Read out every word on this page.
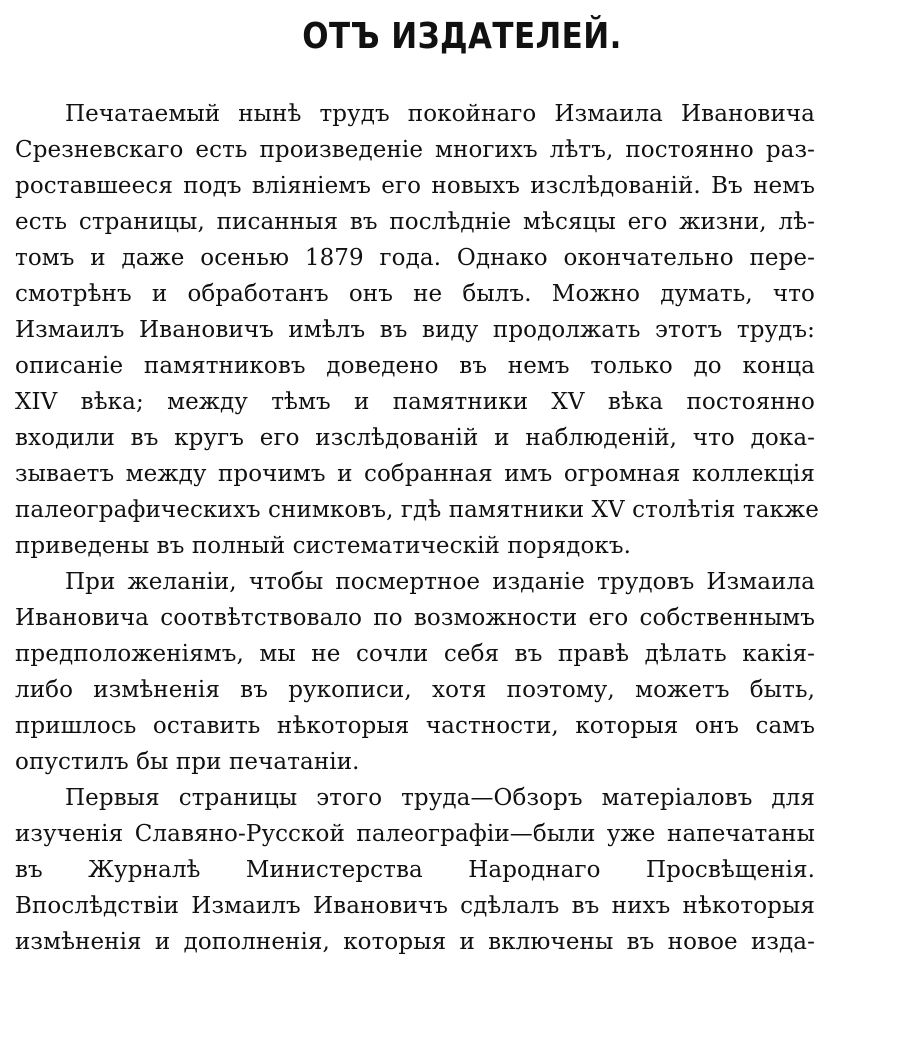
ОТЪ ИЗДАТЕЛЕЙ.
Печатаемый нынѣ трудъ покойнаго Измаила Ивановича
Срезневскаго есть произведеніе многихъ лѣтъ, постоянно раз-
роставшееся подъ вліяніемъ его новыхъ изслѣдованій. Въ немъ
есть страницы, писанныя въ послѣдніе мѣсяцы его жизни, лѣ-
томъ и даже осенью 1879 года. Однако окончательно пере-
смотрѣнъ и обработанъ онъ не былъ. Можно думать, что
Измаилъ Ивановичъ имѣлъ въ виду продолжать этотъ трудъ:
описаніе памятниковъ доведено въ немъ только до конца
XIV вѣка; между тѣмъ и памятники XV вѣка постоянно
входили въ кругъ его изслѣдованій и наблюденій, что дока-
зываетъ между прочимъ и собранная имъ огромная коллекція
палеографическихъ снимковъ, гдѣ памятники XV столѣтія также
приведены въ полный систематическій порядокъ.
При желаніи, чтобы посмертное изданіе трудовъ Измаила
Ивановича соотвѣтствовало по возможности его собственнымъ
предположеніямъ, мы не сочли себя въ правѣ дѣлать какія-
либо измѣненія въ рукописи, хотя поэтому, можетъ быть,
пришлось оставить нѣкоторыя частности, которыя онъ самъ
опустилъ бы при печатаніи.
Первыя страницы этого труда—Обзоръ матеріаловъ для
изученія Славяно-Русской палеографіи—были уже напечатаны
въ Журналѣ Министерства Народнаго Просвѣщенія.
Впослѣдствіи Измаилъ Ивановичъ сдѣлалъ въ нихъ нѣкоторыя
измѣненія и дополненія, которыя и включены въ новое изда-
